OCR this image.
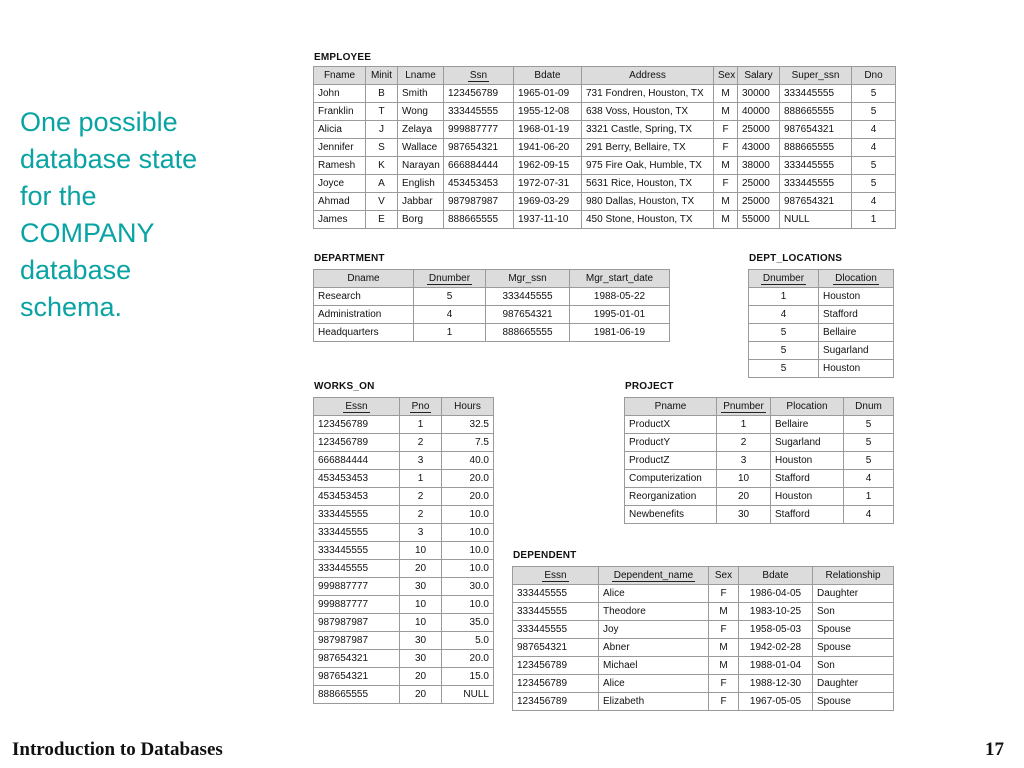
One possible
database state
for the
COMPANY
database
schema.
EMPLOYEE
Fname	Minit	Lname	Ssn	Bdate	Address	Sex	Salary	Super_ssn	Dno
John	B	Smith	123456789	1965-01-09	731 Fondren, Houston, TX	M	30000	333445555	5
Franklin	T	Wong	333445555	1955-12-08	638 Voss, Houston, TX	M	40000	888665555	5
Alicia	J	Zelaya	999887777	1968-01-19	3321 Castle, Spring, TX	F	25000	987654321	4
Jennifer	S	Wallace	987654321	1941-06-20	291 Berry, Bellaire, TX	F	43000	888665555	4
Ramesh	K	Narayan	666884444	1962-09-15	975 Fire Oak, Humble, TX	M	38000	333445555	5
Joyce	A	English	453453453	1972-07-31	5631 Rice, Houston, TX	F	25000	333445555	5
Ahmad	V	Jabbar	987987987	1969-03-29	980 Dallas, Houston, TX	M	25000	987654321	4
James	E	Borg	888665555	1937-11-10	450 Stone, Houston, TX	M	55000	NULL	1
DEPARTMENT
Dname	Dnumber	Mgr_ssn	Mgr_start_date
Research	5	333445555	1988-05-22
Administration	4	987654321	1995-01-01
Headquarters	1	888665555	1981-06-19
DEPT_LOCATIONS
Dnumber	Dlocation
1	Houston
4	Stafford
5	Bellaire
5	Sugarland
5	Houston
WORKS_ON
Essn	Pno	Hours
123456789	1	32.5
123456789	2	7.5
666884444	3	40.0
453453453	1	20.0
453453453	2	20.0
333445555	2	10.0
333445555	3	10.0
333445555	10	10.0
333445555	20	10.0
999887777	30	30.0
999887777	10	10.0
987987987	10	35.0
987987987	30	5.0
987654321	30	20.0
987654321	20	15.0
888665555	20	NULL
PROJECT
Pname	Pnumber	Plocation	Dnum
ProductX	1	Bellaire	5
ProductY	2	Sugarland	5
ProductZ	3	Houston	5
Computerization	10	Stafford	4
Reorganization	20	Houston	1
Newbenefits	30	Stafford	4
DEPENDENT
Essn	Dependent_name	Sex	Bdate	Relationship
333445555	Alice	F	1986-04-05	Daughter
333445555	Theodore	M	1983-10-25	Son
333445555	Joy	F	1958-05-03	Spouse
987654321	Abner	M	1942-02-28	Spouse
123456789	Michael	M	1988-01-04	Son
123456789	Alice	F	1988-12-30	Daughter
123456789	Elizabeth	F	1967-05-05	Spouse
Introduction to Databases	17
